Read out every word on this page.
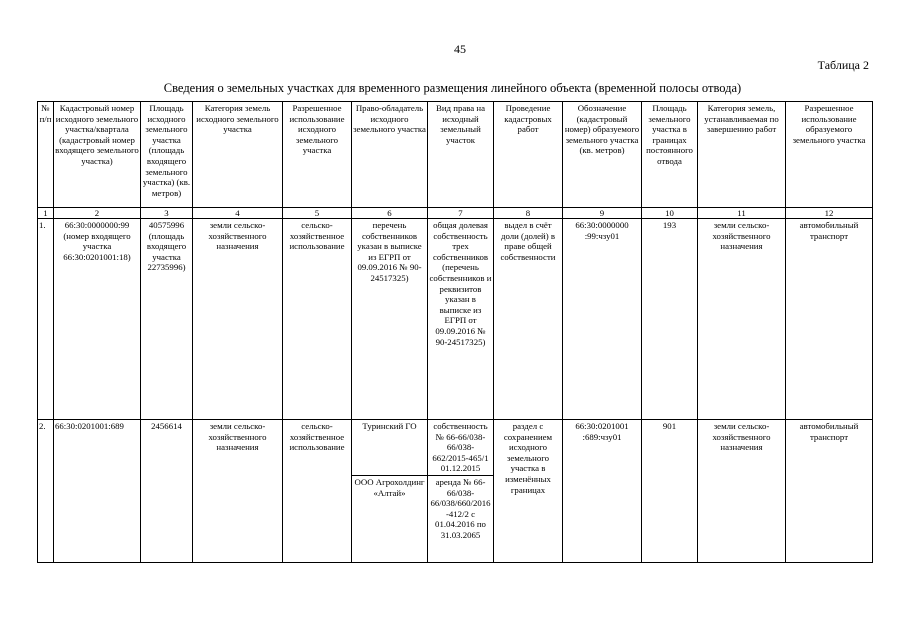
45
Таблица 2
Сведения о земельных участках для временного размещения линейного объекта (временной полосы отвода)
№ п/п	Кадастровый номер исходного земельного участка/квартала (кадастровый номер входящего земельного участка)	Площадь исходного земельного участка (площадь входящего земельного участка) (кв. метров)	Категория земель исходного земельного участка	Разрешенное использование исходного земельного участка	Право-обладатель исходного земельного участка	Вид права на исходный земельный участок	Проведение кадастровых работ	Обозначение (кадастровый номер) образуемого земельного участка (кв. метров)	Площадь земельного участка в границах постоянного отвода	Категория земель, устанавливаемая по завершению работ	Разрешенное использование образуемого земельного участка
1	2	3	4	5	6	7	8	9	10	11	12
1.	66:30:0000000:99 (номер входящего участка 66:30:0201001:18)	40575996 (площадь входящего участка 22735996)	земли сельско-хозяйственного назначения	сельско-хозяйственное использование	перечень собственников указан в выписке из ЕГРП от 09.09.2016 № 90-24517325)	общая долевая собственность трех собственников (перечень собственников и реквизитов указан в выписке из ЕГРП от 09.09.2016 № 90-24517325)	выдел в счёт доли (долей) в праве общей собственности	66:30:0000000 :99:чзу01	193	земли сельско-хозяйственного назначения	автомобильный транспорт
2.	66:30:0201001:689	2456614	земли сельско-хозяйственного назначения	сельско-хозяйственное использование	Туринский ГО	собственность № 66-66/038-66/038-662/2015-465/1 01.12.2015	раздел с сохранением исходного земельного участка в изменённых границах	66:30:0201001 :689:чзу01	901	земли сельско-хозяйственного назначения	автомобильный транспорт
					ООО Агрохолдинг «Алтай»	аренда № 66-66/038-66/038/660/2016-412/2 с 01.04.2016 по 31.03.2065					
